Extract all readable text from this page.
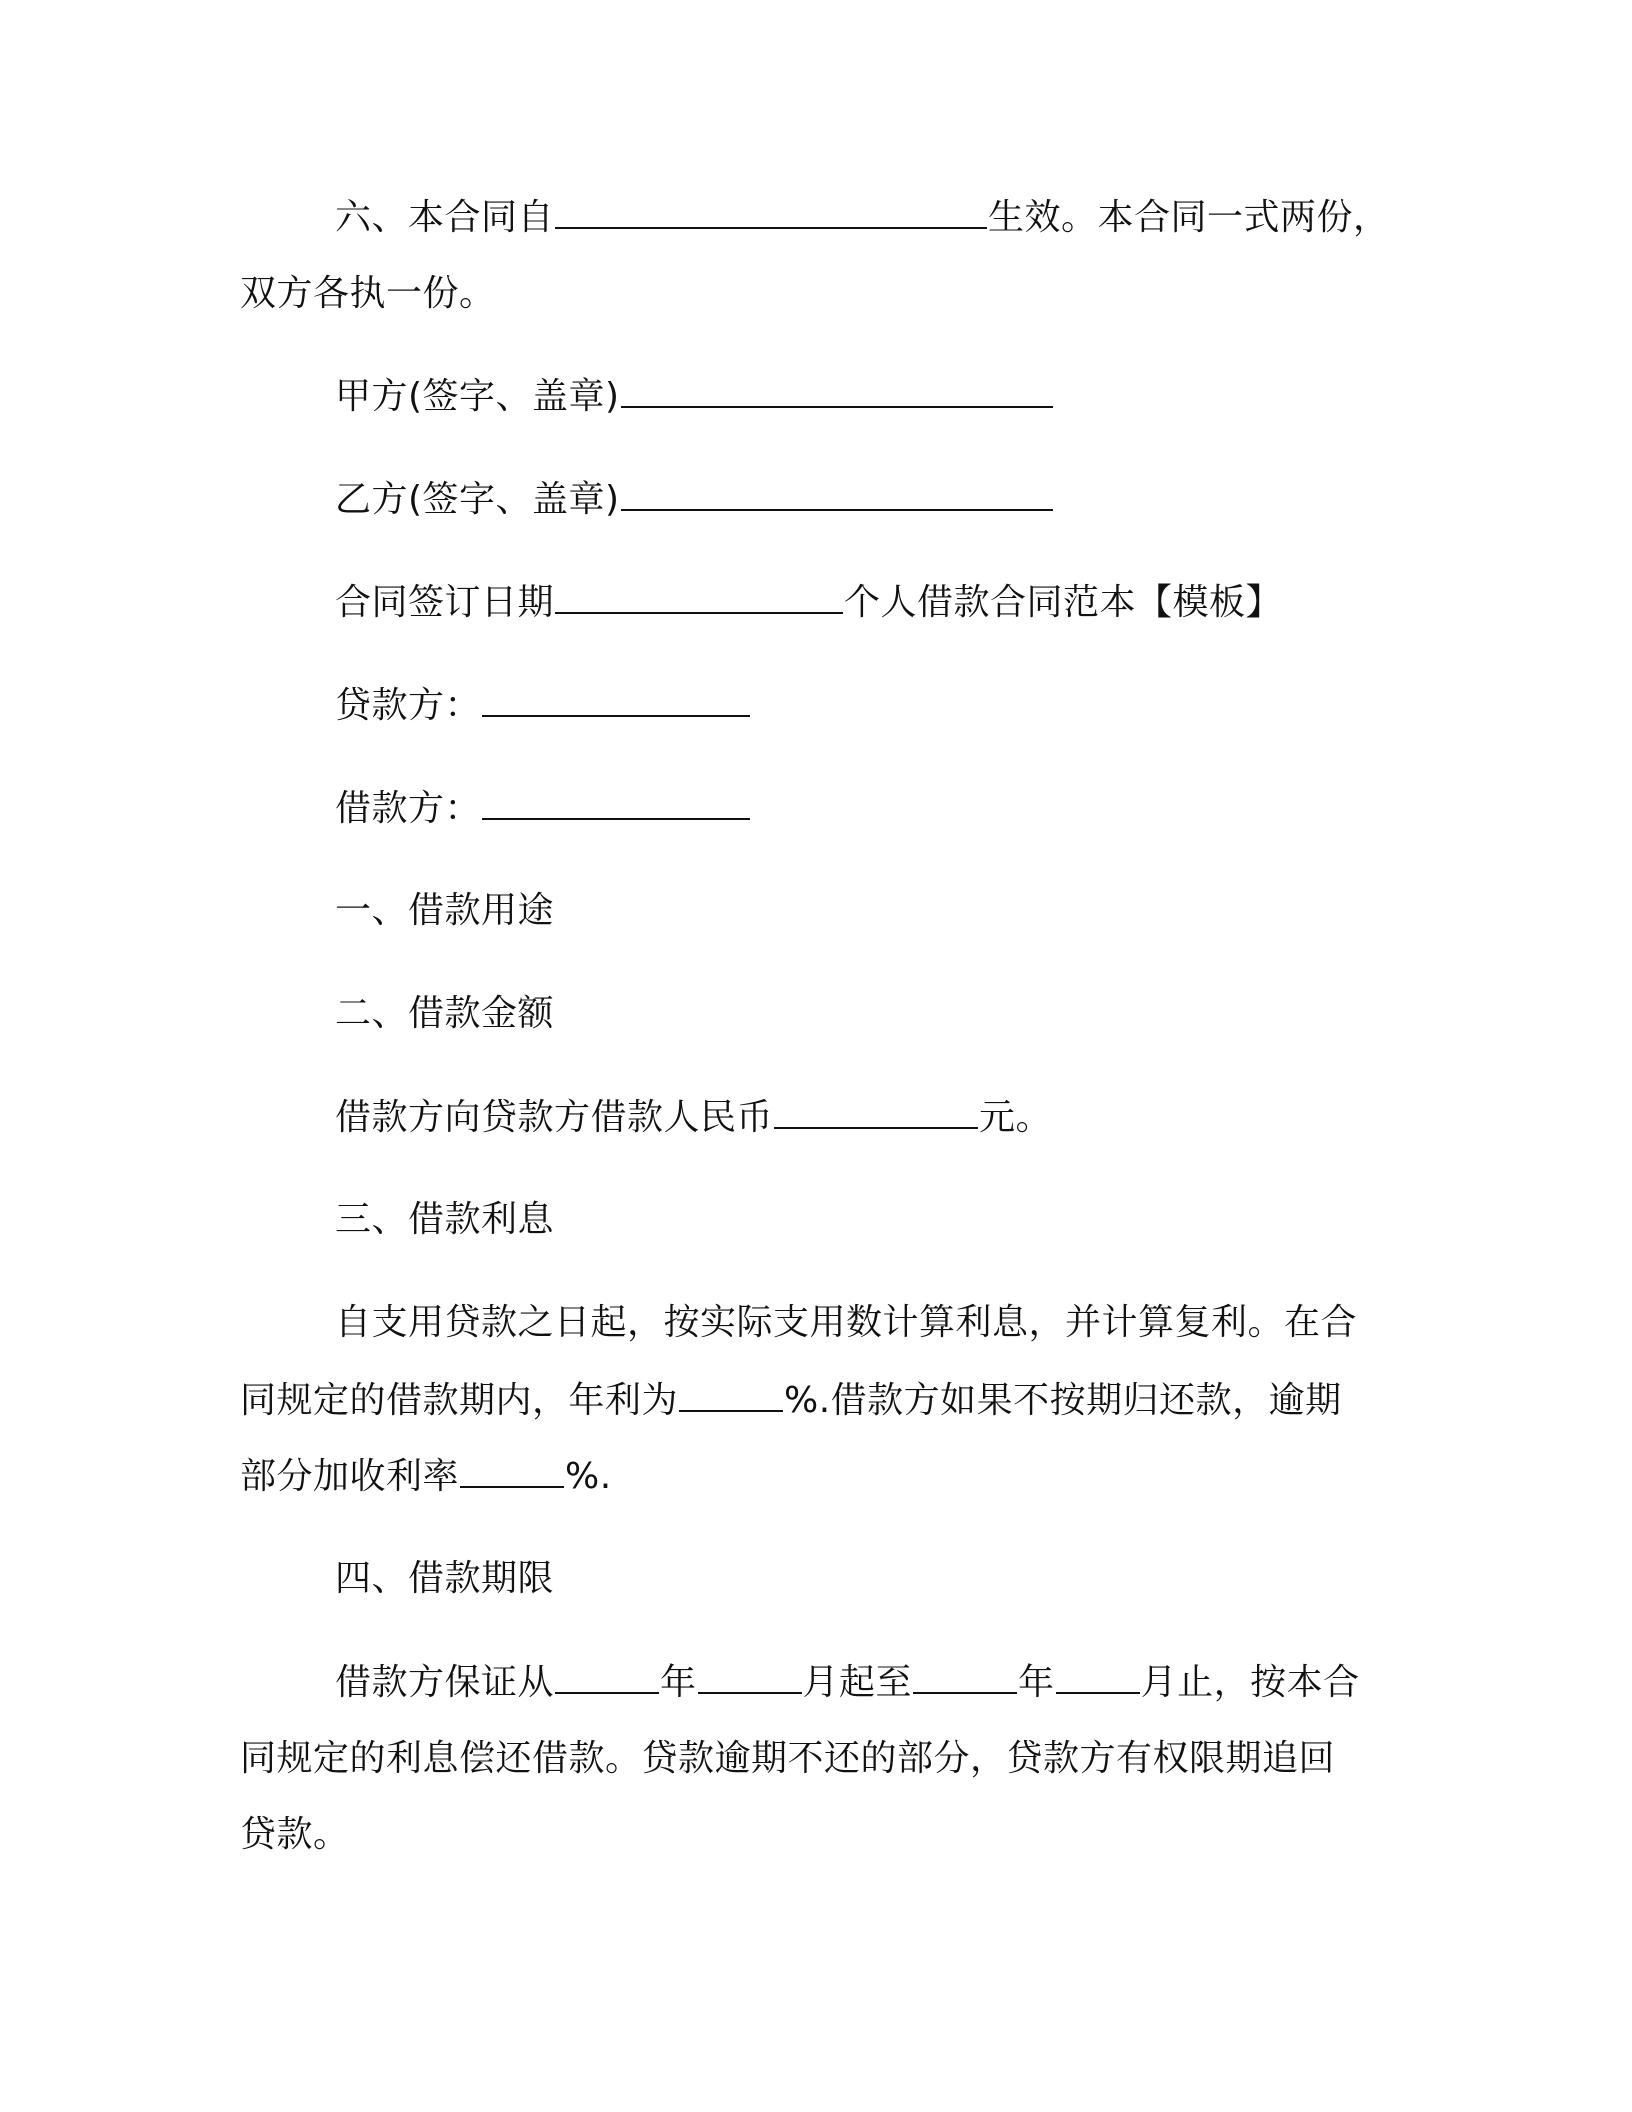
六、本合同自	生效。本合同一式两份，
双方各执一份。
甲方(签字、盖章)
乙方(签字、盖章)
合同签订日期	个人借款合同范本【模板】
贷款方：
借款方：
一、借款用途
二、借款金额
借款方向贷款方借款人民币	元。
三、借款利息
自支用贷款之日起，按实际支用数计算利息，并计算复利。在合
同规定的借款期内，年利为	%.借款方如果不按期归还款，逾期
部分加收利率	%.
四、借款期限
借款方保证从	年	月起至	年 月止，按本合
同规定的利息偿还借款。贷款逾期不还的部分，贷款方有权限期追回
贷款。
